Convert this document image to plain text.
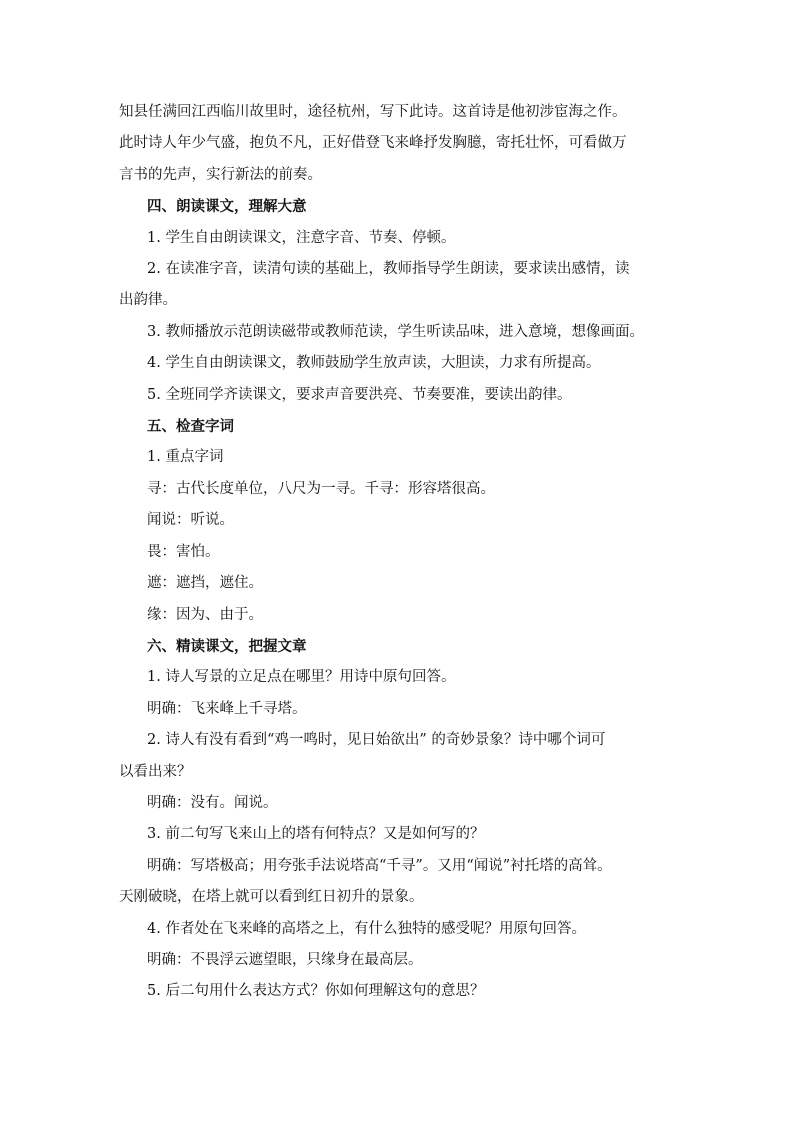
知县任满回江西临川故里时，途径杭州，写下此诗。这首诗是他初涉宦海之作。

此时诗人年少气盛，抱负不凡，正好借登飞来峰抒发胸臆，寄托壮怀，可看做万

言书的先声，实行新法的前奏。

四、朗读课文，理解大意

1. 学生自由朗读课文，注意字音、节奏、停顿。

2. 在读准字音，读清句读的基础上，教师指导学生朗读，要求读出感情，读

出韵律。

3. 教师播放示范朗读磁带或教师范读，学生听读品味，进入意境，想像画面。

4. 学生自由朗读课文，教师鼓励学生放声读，大胆读，力求有所提高。

5. 全班同学齐读课文，要求声音要洪亮、节奏要准，要读出韵律。

五、检查字词

1. 重点字词

寻：古代长度单位，八尺为一寻。千寻：形容塔很高。

闻说：听说。

畏：害怕。

遮：遮挡，遮住。

缘：因为、由于。

六、精读课文，把握文章

1. 诗人写景的立足点在哪里？用诗中原句回答。

明确：飞来峰上千寻塔。

2. 诗人有没有看到“鸡一鸣时，见日始欲出” 的奇妙景象？诗中哪个词可

以看出来？

明确：没有。闻说。

3. 前二句写飞来山上的塔有何特点？又是如何写的？

明确：写塔极高；用夸张手法说塔高“千寻”。又用“闻说”衬托塔的高耸。

天刚破晓，在塔上就可以看到红日初升的景象。

4. 作者处在飞来峰的高塔之上，有什么独特的感受呢？用原句回答。

明确：不畏浮云遮望眼，只缘身在最高层。

5. 后二句用什么表达方式？你如何理解这句的意思？
